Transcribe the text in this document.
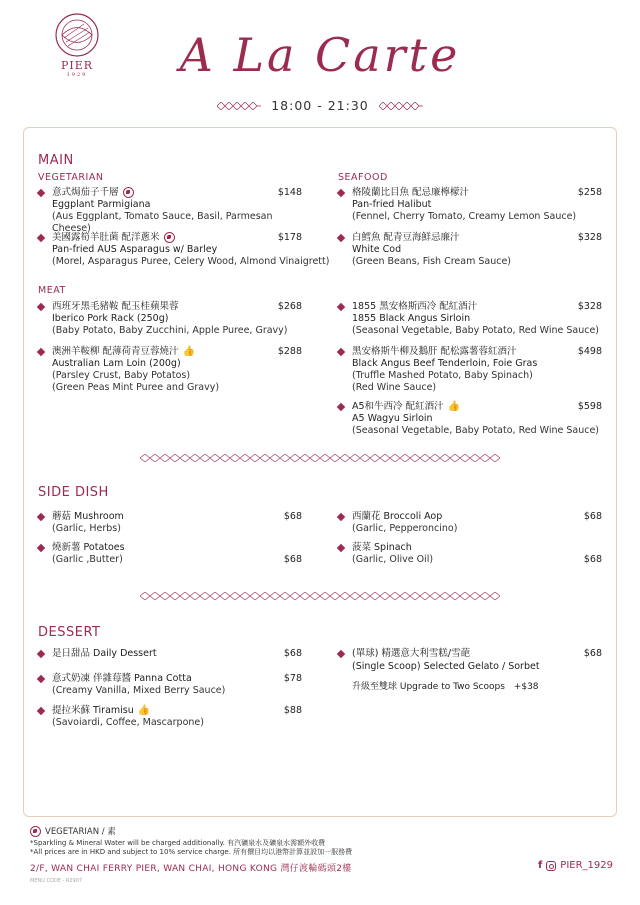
PIER
1929	A La Carte
18:00 - 21:30
MAIN
VEGETARIAN	SEAFOOD
意式焗茄子千層
Eggplant Parmigiana
(Aus Eggplant, Tomato Sauce, Basil, Parmesan Cheese)
$148
美國露筍羊肚菌 配洋蔥米
Pan-fried AUS Asparagus w/ Barley
(Morel, Asparagus Puree, Celery Wood, Almond Vinaigrett)
$178
格陵蘭比目魚 配忌廉檸檬汁
Pan-fried Halibut
(Fennel, Cherry Tomato, Creamy Lemon Sauce)
$258
白鱈魚 配青豆海鮮忌廉汁
White Cod
(Green Beans, Fish Cream Sauce)
$328
MEAT
西班牙黑毛豬鞍 配玉桂蘋果蓉
Iberico Pork Rack (250g)
(Baby Potato, Baby Zucchini, Apple Puree, Gravy)
$268
澳洲羊鞍柳 配薄荷青豆蓉燒汁 👍
Australian Lam Loin (200g)
(Parsley Crust, Baby Potatos)
(Green Peas Mint Puree and Gravy)
$288
1855 黑安格斯西冷 配紅酒汁
1855 Black Angus Sirloin
(Seasonal Vegetable, Baby Potato, Red Wine Sauce)
$328
黑安格斯牛柳及鵝肝 配松露薯蓉紅酒汁
Black Angus Beef Tenderloin, Foie Gras
(Truffle Mashed Potato, Baby Spinach)
(Red Wine Sauce)
$498
A5和牛西冷 配紅酒汁 👍
A5 Wagyu Sirloin
(Seasonal Vegetable, Baby Potato, Red Wine Sauce)
$598
SIDE DISH
蘑菇 Mushroom
(Garlic, Herbs)
$68
燒新薯 Potatoes
(Garlic ,Butter)	$68
西蘭花 Broccoli Aop
(Garlic, Pepperoncino)
$68
菠菜 Spinach
(Garlic, Olive Oil)	$68
DESSERT
是日甜品 Daily Dessert	$68
意式奶凍 伴雜莓醬 Panna Cotta
(Creamy Vanilla, Mixed Berry Sauce)
$78
提拉米蘇 Tiramisu 👍
(Savoiardi, Coffee, Mascarpone)
$88
(單球) 精選意大利雪糕/雪葩
(Single Scoop) Selected Gelato / Sorbet
升級至雙球 Upgrade to Two Scoops +$38
$68
VEGETARIAN / 素
*Sparkling & Mineral Water will be charged additionally. 有汽礦泉水及礦泉水需額外收費
*All prices are in HKD and subject to 10% service charge. 所有價目均以港幣計算並設加一服務費
2/F, WAN CHAI FERRY PIER, WAN CHAI, HONG KONG 灣仔渡輪碼頭2樓
MENU CODE - R2907
f PIER_1929
